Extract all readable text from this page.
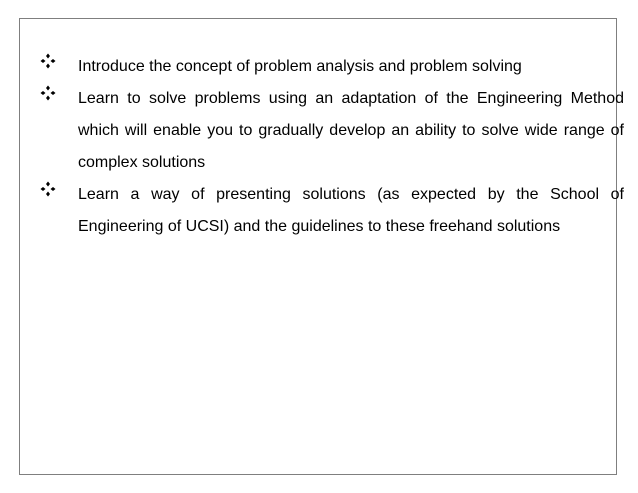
Introduce the concept of problem analysis and problem solving
Learn to solve problems using an adaptation of the Engineering Method which will enable you to gradually develop an ability to solve wide range of complex solutions
Learn a way of presenting solutions (as expected by the School of Engineering of UCSI) and the guidelines to these freehand solutions
